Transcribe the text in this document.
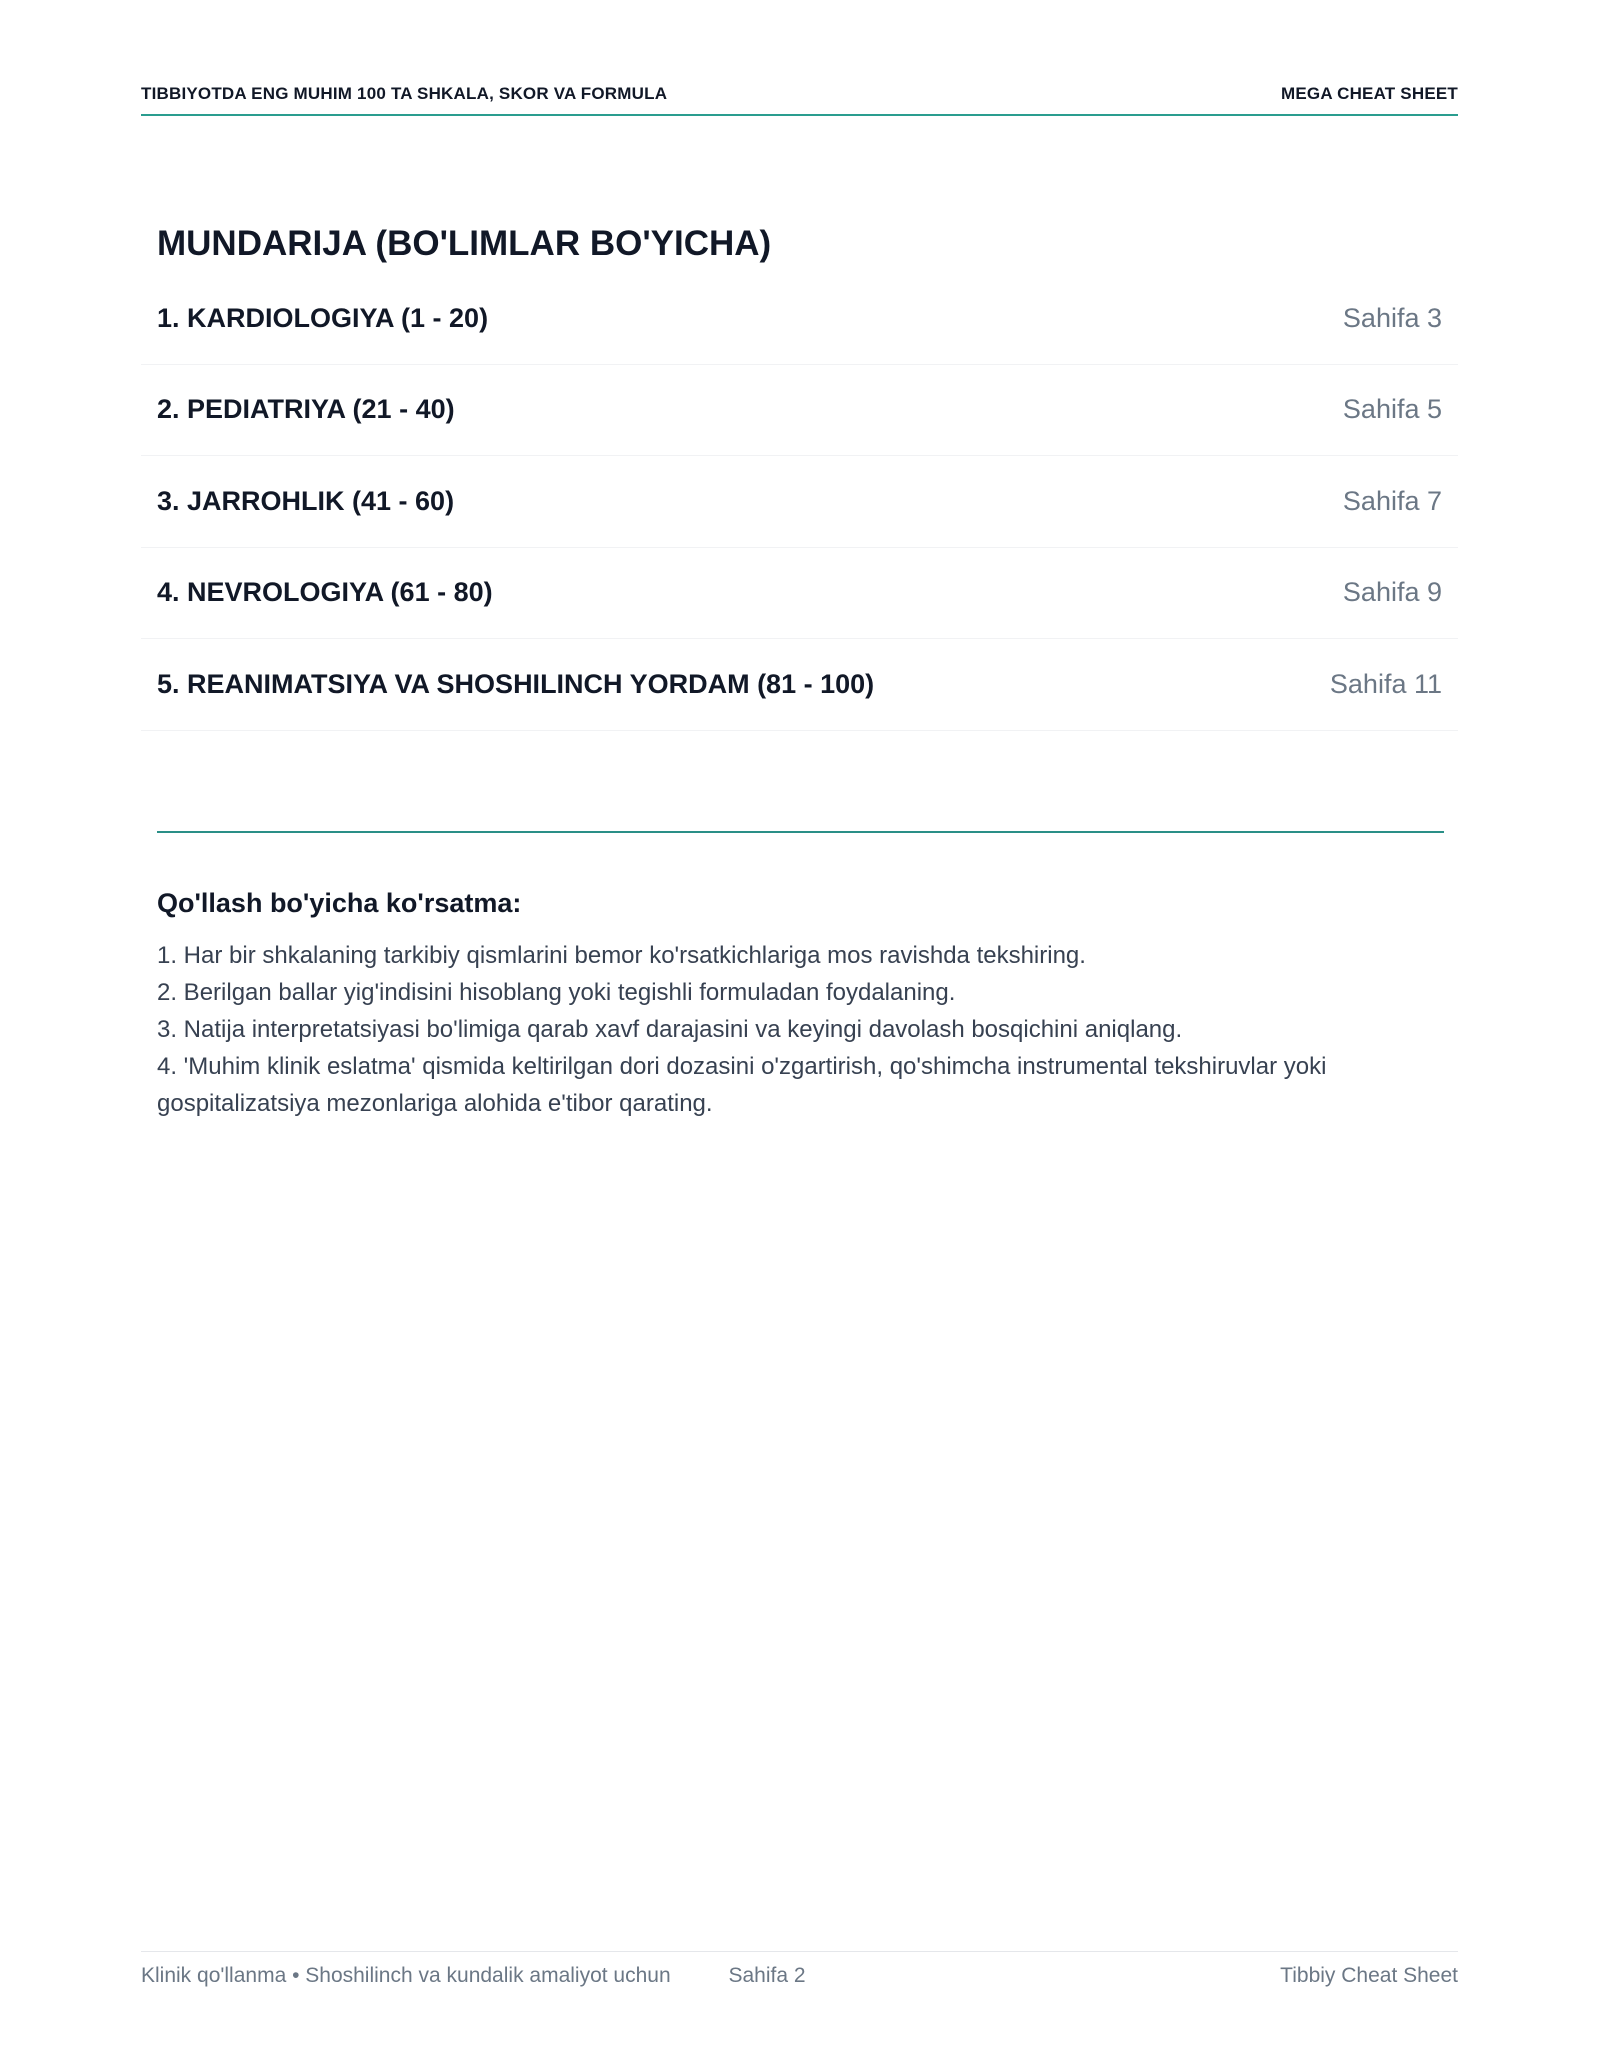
TIBBIYOTDA ENG MUHIM 100 TA SHKALA, SKOR VA FORMULA	MEGA CHEAT SHEET
MUNDARIJA (BO'LIMLAR BO'YICHA)
1. KARDIOLOGIYA (1 - 20)	Sahifa 3
2. PEDIATRIYA (21 - 40)	Sahifa 5
3. JARROHLIK (41 - 60)	Sahifa 7
4. NEVROLOGIYA (61 - 80)	Sahifa 9
5. REANIMATSIYA VA SHOSHILINCH YORDAM (81 - 100)	Sahifa 11
Qo'llash bo'yicha ko'rsatma:
1. Har bir shkalaning tarkibiy qismlarini bemor ko'rsatkichlariga mos ravishda tekshiring.
2. Berilgan ballar yig'indisini hisoblang yoki tegishli formuladan foydalaning.
3. Natija interpretatsiyasi bo'limiga qarab xavf darajasini va keyingi davolash bosqichini aniqlang.
4. 'Muhim klinik eslatma' qismida keltirilgan dori dozasini o'zgartirish, qo'shimcha instrumental tekshiruvlar yoki gospitalizatsiya mezonlariga alohida e'tibor qarating.
Klinik qo'llanma • Shoshilinch va kundalik amaliyot uchun	Sahifa 2	Tibbiy Cheat Sheet
